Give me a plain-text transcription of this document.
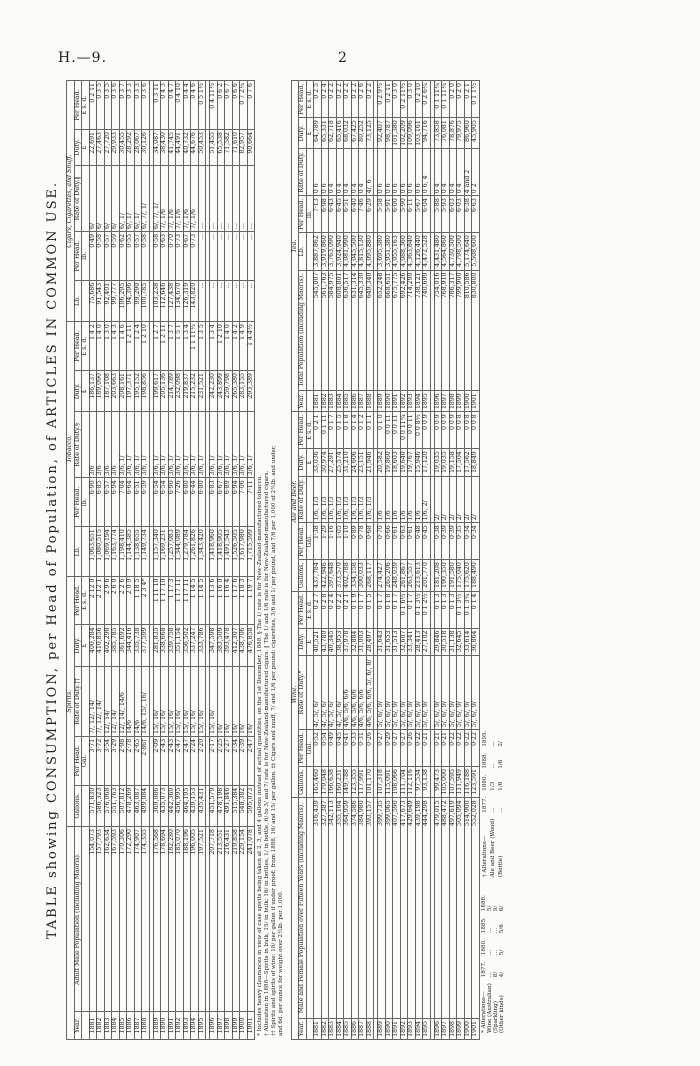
H.—9.	2
TABLE showing CONSUMPTION, per Head of Population, of ARTICLES IN COMMON USE.
		Spirits.					Tobacco.					Cigars, Cigarettes, and Snuff.				
Year.	Adult Male Population (including Maoris).	Gallons.	Per Head.	Rate of Duty.††	Duty.	Per Head.	Lb.	Per Head.	Rate of Duty.§	Duty.	Per Head.	Lb.	Per Head.	Rate of Duty.‖	Duty.	Per Head.
			Gal.		£	£ s. d.		lb.		£	£ s. d.		lb.		£	£ s. d.
1881	154,073	571,830	3·71	7/, 12/, 14/	400,284	2 12 0	1,063,651	6·90	3/6	186,137	1 4 2	75,686	0·49	6/	22,691	0 2 11
1882	157,793	586,323	3·72	7/, 12/, 14/	410,856	2 12 1	1,080,515	6·85	3/6	189,090	1 4 0	91,543	0·58	6/	27,463	0 3 5
1883	162,634	576,068	3·54	12/, 14/	402,298	2 9 6	1,069,194	6·57	3/6	187,108	1 3 0	92,401	0·57	6/	27,720	0 3 5
1884	167,593	551,763	3·29	12/, 14/	385,785	2 6 0	1,163,774	6·94	3/6	203,663	1 4 3	99,777	0·59	6/	29,933	0 3 6
1885	170,306	507,812	2·98	12/, 14/, 14/6	361,692	2 2 6	1,198,410	7·04	3/6, 1/	208,161	1 4 6	106,295	0·62	6/, 1/	30,455	0 3 7
1886	172,290	478,269	2·78	14/6	344,416	2 0 0	1,144,385	6·64	3/6, 1/	197,371	1 2 11	94,396	0·55	6/, 1/	28,292	0 3 3
1887	174,907	463,087	2·65	14/6	335,738	1 18 5	1,138,655	6·51	3/6, 1/	195,152	1 2 4	99,290	0·57	6/, 1/	28,067	0 3 3
1888	174,355	499,084	2·86†	14/6, 15/, 16/	377,599	2 3 4*	1,149,734	6·59	3/6, 1/	198,856	1 2 10	100,785	0·58	6/, 7/, 1/	30,126	0 3 6

1889	176,568	369,086	2·09	15/, 16/	281,835	1 11 10	1,157,340	6·54	3/6, 1/	199,617	1 2 7	103,238	0·58	6/, 7/, 1/	34,087	0 3 11
1890	178,694	435,073	2·43	15/, 16/	338,668	1 17 10	1,169,231	6·54	3/6, 1/	205,136	1 2 11	112,646	0·63	7/, 1/6	38,430	0 4 3
1891	182,280	442,360	2·43	15/, 16/	339,758	1 17 3	1,257,083	6·90	3/6, 1/	214,789	1 3 7	127,438	0·70	7/, 1/6	41,745	0 4 7
1892	185,070	456,995	2·47	15/, 16/	351,154	1 17 11	1,344,089	7·26	3/6, 1/	232,098	1 5 1	134,670	0·73	7/, 1/6	44,491	0 4 10
1893	188,196	464,195	2·47	15/, 16/	356,502	1 17 11	1,279,784	6·80	3/6, 1/	219,837	1 3 4	126,319	0·67	7/, 1/6	40,732	0 4 4
1894	196,005	439,153	2·24	15/, 16/	337,247	1 14 5	1,261,826	6·44	3/6, 1/	215,232	1 1 11½	143,820	0·73	7/, 1/6	44,676	0 4 6
1895	197,521	435,431	2·20	15/, 16/	333,786	1 14 5	1,343,420	6·80	3/6, 1/	231,521	1 3 5	...	...	...	50,453	0 5 1½

1896	207,718	451,579	2·17	15/, 16/	347,598	1 13 6	1,418,960	6·83	3/6, 1/	242,230	1 3 4	...	...	...	51,455	0 4 11½
1897	213,551	478,198	2·25	16/	383,509	1 16 0	1,418,905	6·67	3/6, 1/	243,899	1 2 10	...	...	...	65,538	0 6 2
1898	216,431	491,846	2·27	16/	393,478	1 16 4	1,491,543	6·89	3/6, 1/	259,798	1 4 0	...	...	...	71,582	0 6 7
1899	219,858	515,384	2·34	16/	412,307	1 17 6	1,526,505	6·94	3/6, 1/	265,380	1 4 2	...	...	...	71,610	0 6 6
1900	229,154	548,382	2·39	16/	438,706	1 18 3	1,617,980	7·06	3/6, 1/	283,155	1 4 9	...	...	...	82,957	0 7 2¼
1901	241,078	595,073	2·47	16/	476,858	1 19 7	1,715,599	7·11	3/6, 1/	293,389	1 4 4½	...	...	...	90,664	0 7 6
* Includes heavy clearances in view of case spirits being taken at 2, 3, and 4 gallons instead of actual quantities, on the 1st December, 1888. § The 1/ rate is for New-Zealand-manufactured tobacco. † Alteration in 1888—Spirits in bulk, 15/ in bulk; 16/ in bottles, 1/ in bottle, 6/ to 3/ and 7/ rate is for New-Zealand-manufactured cigars. ‖ The 1/ and 1/6 rate is for New-Zealand-manufactured cigars. †† Spirits and spirits of wine: 18/ per gallon if under proof; from 1888, 16/ and 15/ per gallon. ‡‡ Cigars and snuff, 7/ and 1/6 per pound; cigarettes, 3/6 and 1/ per pound, and 7/6 per 1,000 of 2½lb. and under, and 6d. per ounce for weight over 2½lb. per 1,000.
		Wine.					Ale and Beer.					Tea.						
Year.	Male and Female Population over Fifteen Years (including Maoris).	Gallons.	Per Head.	Rate of Duty.*	Duty.	Per Head.	Gallons.	Per Head.	Rate of Duty.	Duty.	Per Head.	Year.	Total Population (including Maoris).	Lb.	Per Head.	Rate of Duty.	Duty.	Per Head.
			Gal.		£	£ s. d.		Gal.		£	£ s. d.				lb.		£	£ s. d.
1881	316,439	165,460	0·52	4/, 5/, 6/	40,521	0 2 7	437,784	1·38	1/6, 1/3	33,036	0 2 1	1881	545,007	3,887,862	7·13	0 6	64,789	0 2 5
1882	327,387	179,048	0·54	4/, 5/, 6/	43,780	0 2 8	422,946	1·29	1/6, 1/3	30,974	0 1 11	1882	561,763	3,919,860	6·98	0 6	65,331	0 2 4
1883	342,113	166,638	0·49	4/, 5/, 6/	40,345	0 2 4	397,648	1·16	1/6, 1/3	27,291	0 1 7	1883	584,975	3,763,090	6·43	0 4	62,718	0 2 2
1884	355,104	160,231	0·45	4/, 5/, 6/	38,953	0 2 2	373,570	1·05	1/6, 1/3	25,574	0 1 5	1884	608,801	3,924,940	6·45	0 4	65,416	0 2 2
1885	364,959	149,788	0·41	4/6, 5/6, 6/6	37,978	0 2 1	402,788	1·10	1/6, 1/3	31,210	0 1 8	1885	636,517	4,081,990	6·51	0 4	68,032	0 2 2
1886	374,586	123,355	0·33	4/6, 5/6, 6/6	32,884	0 1 9	334,158	0·89	1/6, 1/3	24,606	0 1 4	1886	631,314	4,045,500	6·40	0 4	67,425	0 2 2
1887	384,980	117,991	0·31	4/6, 5/6, 6/6	31,003	0 1 7	300,033	0·78	1/6, 1/3	23,151	0 1 2	1887	645,330	4,815,130	7·46	0 4	80,252	0 2 6
1888	393,157	101,170	0·26	4/6, 5/6, 6/6, 5/, 6/, 8/	28,497	0 1 5	268,117	0·68	1/6, 1/3	21,946	0 1 1	1888	649,340	4,095,880	6·29	4/, 6	73,125	0 2 2

1889	399,735	107,318	0·27	5/, 6/, 9/	31,643	0 1 7	274,427	0·70	1/6	20,582	0 1 0	1889	652,248	3,695,380	5·58	0 6	92,407	0 2 9½
1890	399,065	115,091	0·29	5/, 6/, 9/	31,653	0 1 8	265,206	0·66	1/6	19,860	0 0 11	1890	668,651	3,951,380	5·91	0 6	98,787	0 2 11
1891	407,590	108,066	0·27	5/, 6/, 9/	31,513	0 1 7	248,039	0·61	1/6	18,603	0 0 11	1891	675,775	4,055,163	6·00	0 6	101,380	0 3 0
1892	417,673	111,704	0·27	5/, 6/, 9/	32,607	0 1 6½	261,867	0·63	1/6	19,640	0 0 11¼	1892	692,426	4,088,360	5·90	0 6	102,209	0 2 11½
1893	429,649	112,116	0·26	5/, 6/, 9/	33,341	0 1 7	263,557	0·61	1/6	19,767	0 0 11	1893	714,290	4,363,840	6·11	0 6	109,096	0 3 0
1894	439,198	97,534	0·22	5/, 6/, 9/	28,413	0 1 3½	213,613	0·48	1/6	15,946	0 0 8½	1894	738,121	4,126,440	5·67	0 6	103,161	0 2 10
1895	444,298	93,138	0·21	5/, 6/, 9/	27,102	0 1 2½	201,770	0·45	1/6, 2/	17,120	0 0 9	1895	740,699	4,472,528	6·04	0 6, 4	94,716	0 2 6¾

1896	479,015	99,473	0·21	5/, 6/, 9/	29,846	0 1 3	181,208	0·38	2/	19,035	0 0 9	1896	754,016	4,431,480	5·88	0 4	73,858	0 1 11¼
1897	488,472	105,000	0·21	5/, 6/, 9/	30,518	0 1 3	190,350	0·39	2/	19,035	0 0 9	1897	768,910	4,564,860	5·93	0 4	76,081	0 1 11¼
1898	497,619	107,595	0·22	5/, 6/, 9/	31,138	0 1 3	191,580	0·39	2/	19,158	0 0 9	1898	786,317	4,730,500	6·03	0 4	78,876	0 2 0
1899	505,094	111,949	0·22	5/, 6/, 9/	32,645	0 1 3½	175,040	0·35	2/	17,504	0 0 8	1899	799,900	4,798,500	6·03	0 4	79,975	0 2 0
1900	514,900	116,188	0·22	5/, 6/, 9/	33,614	0 1 3¾	175,620	0·34	2/	17,562	0 0 8	1900	810,586	5,174,640	6·38	4 and 2	86,960	0 2 1
1901	552,028	123,591	0·22	5/, 6/, 9/	36,864	0 1 4	188,490	0·34	2/	18,849	0 0 8	1901	830,800	5,508,600	6·63	0 2	45,905	0 1 1½
* Alterations—	1877.	1880.	1885.	1888.
Wine (Australian)	...	...	...	5/
(Sparkling)	8/	...	...	9/
(Other kinds)	4/	5/	5/6	6/
† Alterations—	1877.	1880.	1888.	1895.
Ale and Beer (Wood)	...	1/3	...	...
(Bottle)	...	1/6	1/6	2/
